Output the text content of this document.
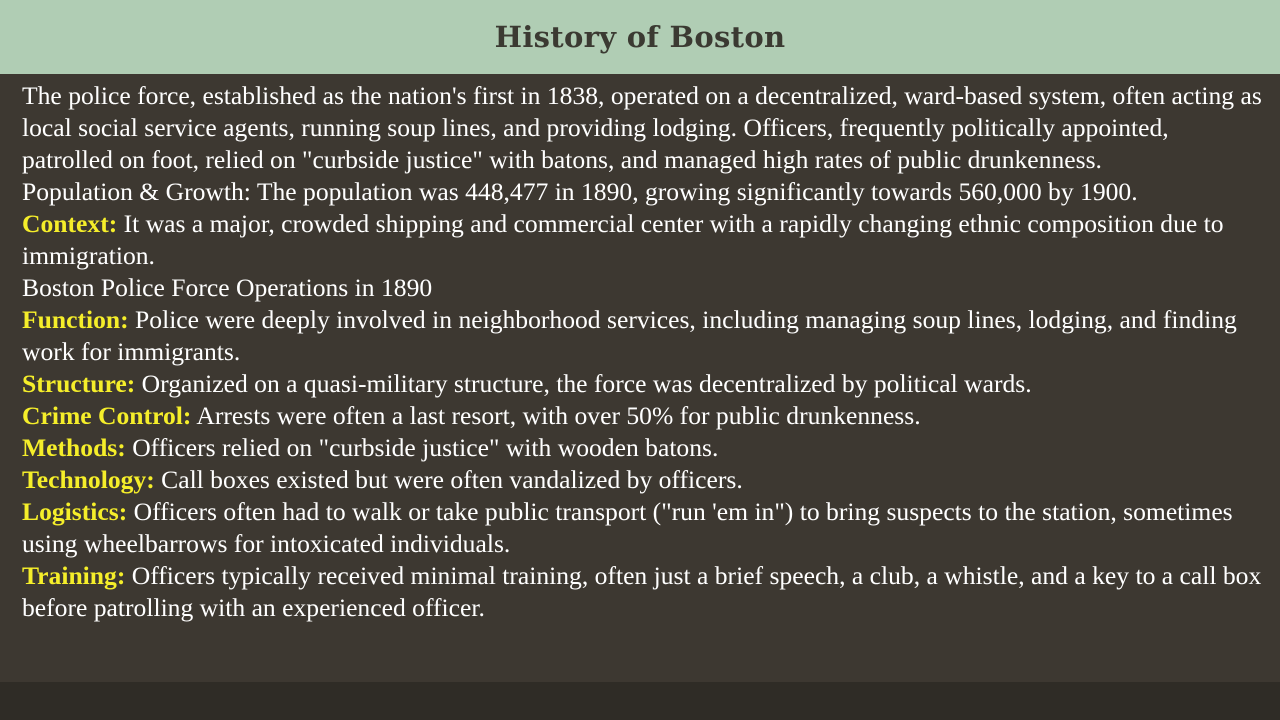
History of Boston

The police force, established as the nation's first in 1838, operated on a decentralized, ward-based system, often acting as local social service agents, running soup lines, and providing lodging. Officers, frequently politically appointed, patrolled on foot, relied on "curbside justice" with batons, and managed high rates of public drunkenness.

Population & Growth: The population was 448,477 in 1890, growing significantly towards 560,000 by 1900.

Context: It was a major, crowded shipping and commercial center with a rapidly changing ethnic composition due to immigration.

Boston Police Force Operations in 1890

Function: Police were deeply involved in neighborhood services, including managing soup lines, lodging, and finding work for immigrants.

Structure: Organized on a quasi-military structure, the force was decentralized by political wards.

Crime Control: Arrests were often a last resort, with over 50% for public drunkenness.

Methods: Officers relied on "curbside justice" with wooden batons.

Technology: Call boxes existed but were often vandalized by officers.

Logistics: Officers often had to walk or take public transport ("run 'em in") to bring suspects to the station, sometimes using wheelbarrows for intoxicated individuals.

Training: Officers typically received minimal training, often just a brief speech, a club, a whistle, and a key to a call box before patrolling with an experienced officer.
